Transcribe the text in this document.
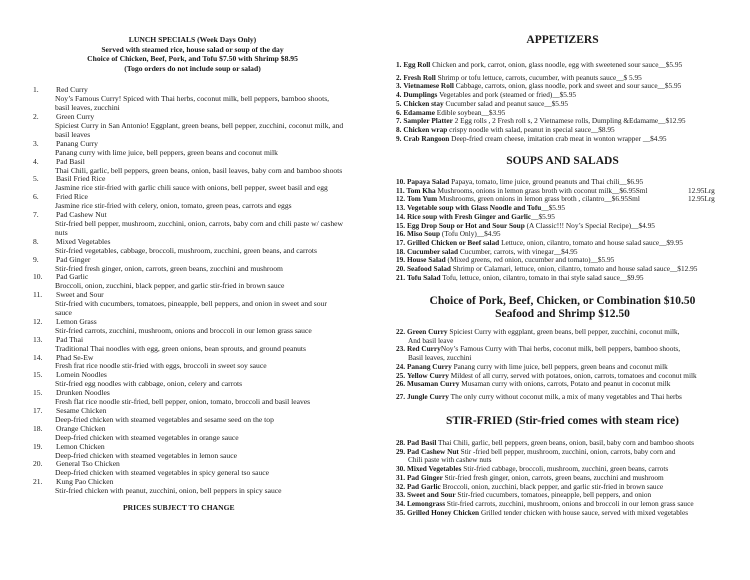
LUNCH SPECIALS (Week Days Only)
Served with steamed rice, house salad or soup of the day
Choice of Chicken, Beef, Pork, and Tofu $7.50 with Shrimp $8.95
(Togo orders do not include soup or salad)
1.	Red Curry
Noy’s Famous Curry! Spiced with Thai herbs, coconut milk, bell peppers, bamboo shoots, basil leaves, zucchini
2.	Green Curry
Spiciest Curry in San Antonio! Eggplant, green beans, bell pepper, zucchini, coconut milk, and basil leaves
3.	Panang Curry
Panang curry with lime juice, bell peppers, green beans and coconut milk
4.	Pad Basil
Thai Chili, garlic, bell peppers, green beans, onion, basil leaves, baby corn and bamboo shoots
5.	Basil Fried Rice
Jasmine rice stir-fried with garlic chili sauce with onions, bell pepper, sweet basil and egg
6.	Fried Rice
Jasmine rice stir-fried with celery, onion, tomato, green peas, carrots and eggs
7.	Pad Cashew Nut
Stir-fried bell pepper, mushroom, zucchini, onion, carrots, baby corn and chili paste w/ cashew nuts
8.	Mixed Vegetables
Stir-fried vegetables, cabbage, broccoli, mushroom, zucchini, green beans, and carrots
9.	Pad Ginger
Stir-fried fresh ginger, onion, carrots, green beans, zucchini and mushroom
10.	Pad Garlic
Broccoli, onion, zucchini, black pepper, and garlic stir-fried in brown sauce
11.	Sweet and Sour
Stir-fried with cucumbers, tomatoes, pineapple, bell peppers, and onion in sweet and sour sauce
12.	Lemon Grass
Stir-fried carrots, zucchini, mushroom, onions and broccoli in our lemon grass sauce
13.	Pad Thai
Traditional Thai noodles with egg, green onions, bean sprouts, and ground peanuts
14.	Phad Se-Ew
Fresh frat rice noodle stir-fried with eggs, broccoli in sweet soy sauce
15.	Lomein Noodles
Stir-fried egg noodles with cabbage, onion, celery and carrots
15.	Drunken Noodles
Fresh flat rice noodle stir-fried, bell pepper, onion, tomato, broccoli and basil leaves
17.	Sesame Chicken
Deep-fried chicken with steamed vegetables and sesame seed on the top
18.	Orange Chicken
Deep-fried chicken with steamed vegetables in orange sauce
19.	Lemon Chicken
Deep-fried chicken with steamed vegetables in lemon sauce
20.	General Tso Chicken
Deep-fried chicken with steamed vegetables in spicy general tso sauce
21.	Kung Pao Chicken
Stir-fried chicken with peanut, zucchini, onion, bell peppers in spicy sauce
PRICES SUBJECT TO CHANGE
APPETIZERS
1. Egg Roll Chicken and pork, carrot, onion, glass noodle, egg with sweetened sour sauce__$5.95
2. Fresh Roll Shrimp or tofu lettuce, carrots, cucumber, with peanuts sauce__$ 5.95
3. Vietnamese Roll Cabbage, carrots, onion, glass noodle, pork and sweet and sour sauce__$5.95
4. Dumplings Vegetables and pork (steamed or fried)__$5.95
5. Chicken stay Cucumber salad and peanut sauce__$5.95
6. Edamame Edible soybean__$3.95
7. Sampler Platter 2 Egg rolls , 2 Fresh roll s, 2 Vietnamese rolls, Dumpling &Edamame__$12.95
8. Chicken wrap crispy noodle with salad, peanut in special sauce__$8.95
9. Crab Rangoon Deep-fried cream cheese, imitation crab meat in wonton wrapper __$4.95
SOUPS AND SALADS
10. Papaya Salad Papaya, tomato, lime juice, ground peanuts and Thai chili__$6.95
11. Tom Kha Mushrooms, onions in lemon grass broth with coconut milk__$6.95Sml	12.95Lrg
12. Tom Yum Mushrooms, green onions in lemon grass broth , cilantro__$6.95Sml	12.95Lrg
13. Vegetable soup with Glass Noodle and Tofu__$5.95
14. Rice soup with Fresh Ginger and Garlic__$5.95
15. Egg Drop Soup or Hot and Sour Soup (A Classic!!! Noy’s Special Recipe)__$4.95
16. Miso Soup (Tofu Only)__$4.95
17. Grilled Chicken or Beef salad Lettuce, onion, cilantro, tomato and house salad sauce__$9.95
18. Cucumber salad Cucumber, carrots, with vinegar__$4.95
19. House Salad (Mixed greens, red onion, cucumber and tomato)__$5.95
20. Seafood Salad Shrimp or Calamari, lettuce, onion, cilantro, tomato and house salad sauce__$12.95
21. Tofu Salad Tofu, lettuce, onion, cilantro, tomato in thai style salad sauce__$9.95
Choice of Pork, Beef, Chicken, or Combination $10.50
Seafood and Shrimp $12.50
22. Green Curry Spiciest Curry with eggplant, green beans, bell pepper, zucchini, coconut milk,
And basil leave
23. Red CurryNoy’s Famous Curry with Thai herbs, coconut milk, bell peppers, bamboo shoots,
Basil leaves, zucchini
24. Panang Curry Panang curry with lime juice, bell peppers, green beans and coconut milk
25. Yellow Curry Mildest of all curry, served with potatoes, onion, carrots, tomatoes and coconut milk
26. Musaman Curry Musaman curry with onions, carrots, Potato and peanut in coconut milk
27. Jungle Curry The only curry without coconut milk, a mix of many vegetables and Thai herbs
STIR-FRIED (Stir-fried comes with steam rice)
28. Pad Basil Thai Chili, garlic, bell peppers, green beans, onion, basil, baby corn and bamboo shoots
29. Pad Cashew Nut Stir -fried bell pepper, mushroom, zucchini, onion, carrots, baby corn and
Chili paste with cashew nuts
30. Mixed Vegetables Stir-fried cabbage, broccoli, mushroom, zucchini, green beans, carrots
31. Pad Ginger Stir-fried fresh ginger, onion, carrots, green beans, zucchini and mushroom
32. Pad Garlic Broccoli, onion, zucchini, black pepper, and garlic stir-fried in brown sauce
33. Sweet and Sour Stir-fried cucumbers, tomatoes, pineapple, bell peppers, and onion
34. Lemongrass Stir-fried carrots, zucchini, mushroom, onions and broccoli in our lemon grass sauce
35. Grilled Honey Chicken Grilled tender chicken with house sauce, served with mixed vegetables
